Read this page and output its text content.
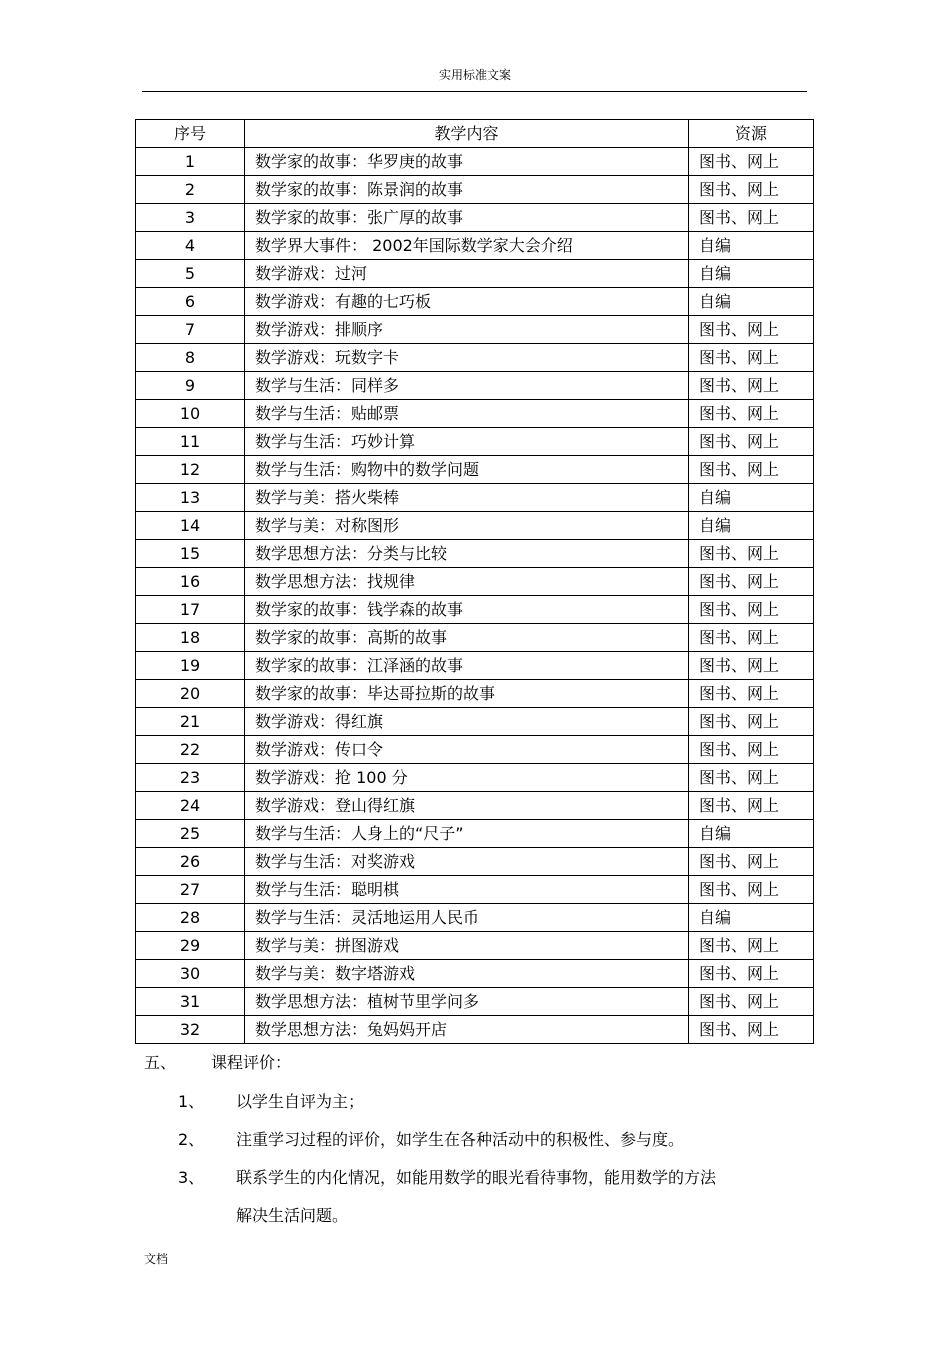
实用标准文案
序号	教学内容	资源
1	数学家的故事：华罗庚的故事	图书、网上
2	数学家的故事：陈景润的故事	图书、网上
3	数学家的故事：张广厚的故事	图书、网上
4	数学界大事件： 2002年国际数学家大会介绍	自编
5	数学游戏：过河	自编
6	数学游戏：有趣的七巧板	自编
7	数学游戏：排顺序	图书、网上
8	数学游戏：玩数字卡	图书、网上
9	数学与生活：同样多	图书、网上
10	数学与生活：贴邮票	图书、网上
11	数学与生活：巧妙计算	图书、网上
12	数学与生活：购物中的数学问题	图书、网上
13	数学与美：搭火柴棒	自编
14	数学与美：对称图形	自编
15	数学思想方法：分类与比较	图书、网上
16	数学思想方法：找规律	图书、网上
17	数学家的故事：钱学森的故事	图书、网上
18	数学家的故事：高斯的故事	图书、网上
19	数学家的故事：江泽涵的故事	图书、网上
20	数学家的故事：毕达哥拉斯的故事	图书、网上
21	数学游戏：得红旗	图书、网上
22	数学游戏：传口令	图书、网上
23	数学游戏：抢 100 分	图书、网上
24	数学游戏：登山得红旗	图书、网上
25	数学与生活：人身上的“尺子”	自编
26	数学与生活：对奖游戏	图书、网上
27	数学与生活：聪明棋	图书、网上
28	数学与生活：灵活地运用人民币	自编
29	数学与美：拼图游戏	图书、网上
30	数学与美：数字塔游戏	图书、网上
31	数学思想方法：植树节里学问多	图书、网上
32	数学思想方法：兔妈妈开店	图书、网上
五、 课程评价：
1、 以学生自评为主；
2、 注重学习过程的评价，如学生在各种活动中的积极性、参与度。
3、 联系学生的内化情况，如能用数学的眼光看待事物，能用数学的方法
解决生活问题。
文档
